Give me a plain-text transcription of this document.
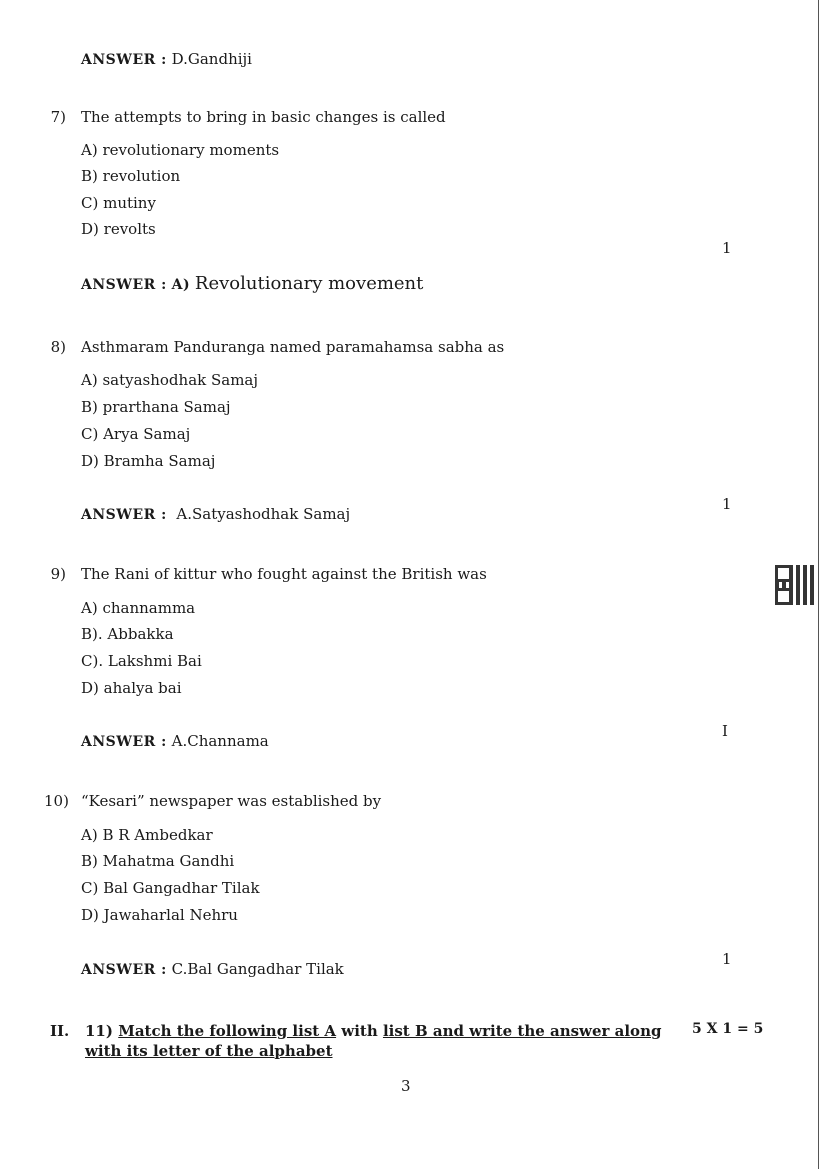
ANSWER : D.Gandhiji
7) The attempts to bring in basic changes is called
A) revolutionary moments
B) revolution
C) mutiny
D) revolts
1
ANSWER : A) Revolutionary movement
8) Asthmaram Panduranga named paramahamsa sabha as
A) satyashodhak Samaj
B) prarthana Samaj
C) Arya Samaj
D) Bramha Samaj
1
ANSWER : A.Satyashodhak Samaj
9) The Rani of kittur who fought against the British was
A) channamma
B). Abbakka
C). Lakshmi Bai
D) ahalya bai
I
ANSWER : A.Channama
10) “Kesari” newspaper was established by
A) B R Ambedkar
B) Mahatma Gandhi
C) Bal Gangadhar Tilak
D) Jawaharlal Nehru
1
ANSWER : C.Bal Gangadhar Tilak
II. 11) Match the following list A with list B and write the answer along
with its letter of the alphabet
5 X 1 = 5
3
